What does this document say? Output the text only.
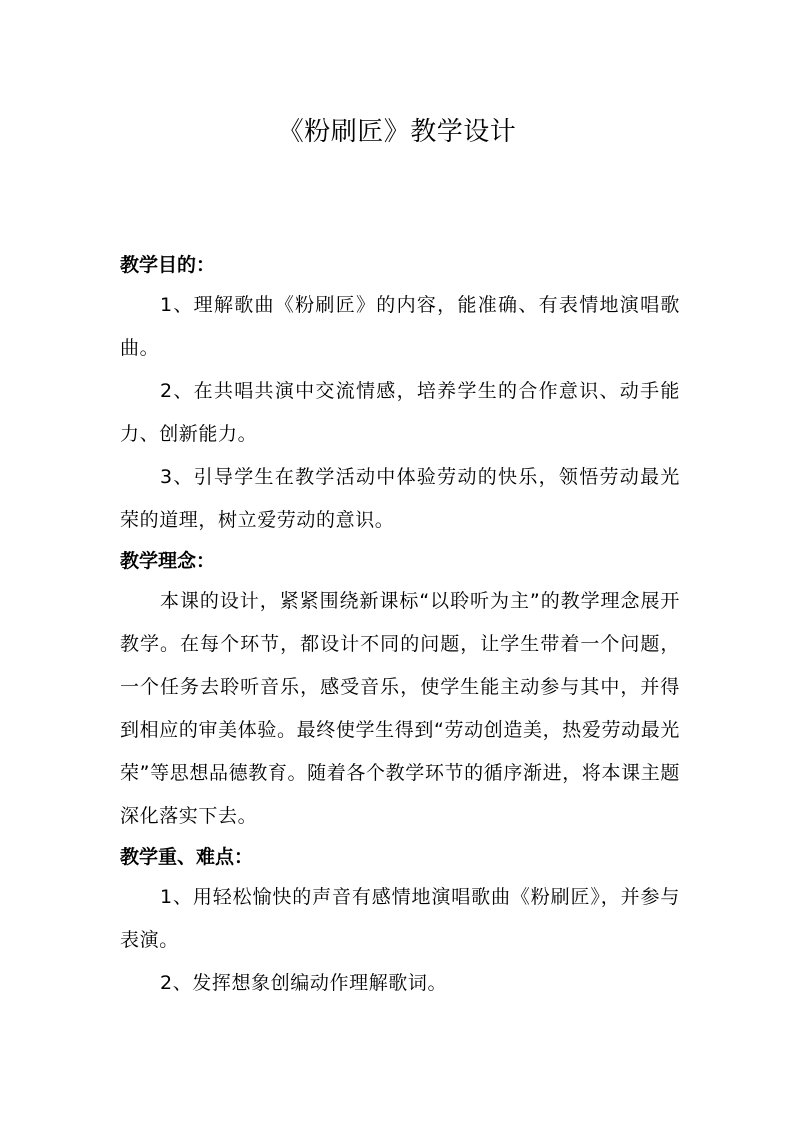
《粉刷匠》教学设计
教学目的：

1、理解歌曲《粉刷匠》的内容，能准确、有表情地演唱歌曲。

2、在共唱共演中交流情感，培养学生的合作意识、动手能力、创新能力。

3、引导学生在教学活动中体验劳动的快乐，领悟劳动最光荣的道理，树立爱劳动的意识。

教学理念：

本课的设计，紧紧围绕新课标“以聆听为主”的教学理念展开教学。在每个环节，都设计不同的问题，让学生带着一个问题，一个任务去聆听音乐，感受音乐，使学生能主动参与其中，并得到相应的审美体验。最终使学生得到“劳动创造美，热爱劳动最光荣”等思想品德教育。随着各个教学环节的循序渐进，将本课主题深化落实下去。

教学重、难点：

1、用轻松愉快的声音有感情地演唱歌曲《粉刷匠》，并参与表演。

2、发挥想象创编动作理解歌词。
